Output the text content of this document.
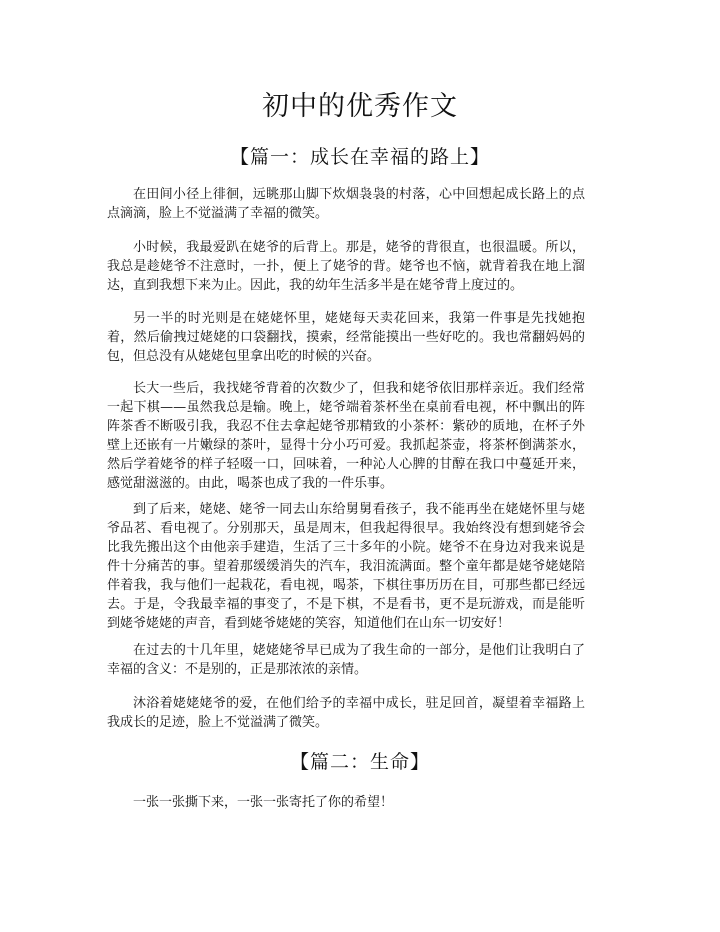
初中的优秀作文
【篇一：成长在幸福的路上】

在田间小径上徘徊，远眺那山脚下炊烟袅袅的村落，心中回想起成长路上的点点滴滴，脸上不觉溢满了幸福的微笑。

小时候，我最爱趴在姥爷的后背上。那是，姥爷的背很直，也很温暖。所以，我总是趁姥爷不注意时，一扑，便上了姥爷的背。姥爷也不恼，就背着我在地上溜达，直到我想下来为止。因此，我的幼年生活多半是在姥爷背上度过的。

另一半的时光则是在姥姥怀里，姥姥每天卖花回来，我第一件事是先找她抱着，然后偷拽过姥姥的口袋翻找，摸索，经常能摸出一些好吃的。我也常翻妈妈的包，但总没有从姥姥包里拿出吃的时候的兴奋。

长大一些后，我找姥爷背着的次数少了，但我和姥爷依旧那样亲近。我们经常一起下棋——虽然我总是输。晚上，姥爷端着茶杯坐在桌前看电视，杯中飘出的阵阵茶香不断吸引我，我忍不住去拿起姥爷那精致的小茶杯：紫砂的质地，在杯子外壁上还嵌有一片嫩绿的茶叶，显得十分小巧可爱。我抓起茶壶，将茶杯倒满茶水，然后学着姥爷的样子轻啜一口，回味着，一种沁人心脾的甘醇在我口中蔓延开来，感觉甜滋滋的。由此，喝茶也成了我的一件乐事。

到了后来，姥姥、姥爷一同去山东给舅舅看孩子，我不能再坐在姥姥怀里与姥爷品茗、看电视了。分别那天，虽是周末，但我起得很早。我始终没有想到姥爷会比我先搬出这个由他亲手建造，生活了三十多年的小院。姥爷不在身边对我来说是件十分痛苦的事。望着那缓缓消失的汽车，我泪流满面。整个童年都是姥爷姥姥陪伴着我，我与他们一起栽花，看电视，喝茶，下棋往事历历在目，可那些都已经远去。于是，令我最幸福的事变了，不是下棋，不是看书，更不是玩游戏，而是能听到姥爷姥姥的声音，看到姥爷姥姥的笑容，知道他们在山东一切安好！

在过去的十几年里，姥姥姥爷早已成为了我生命的一部分，是他们让我明白了幸福的含义：不是别的，正是那浓浓的亲情。

沐浴着姥姥姥爷的爱，在他们给予的幸福中成长，驻足回首，凝望着幸福路上我成长的足迹，脸上不觉溢满了微笑。

【篇二：生命】

一张一张撕下来，一张一张寄托了你的希望！
